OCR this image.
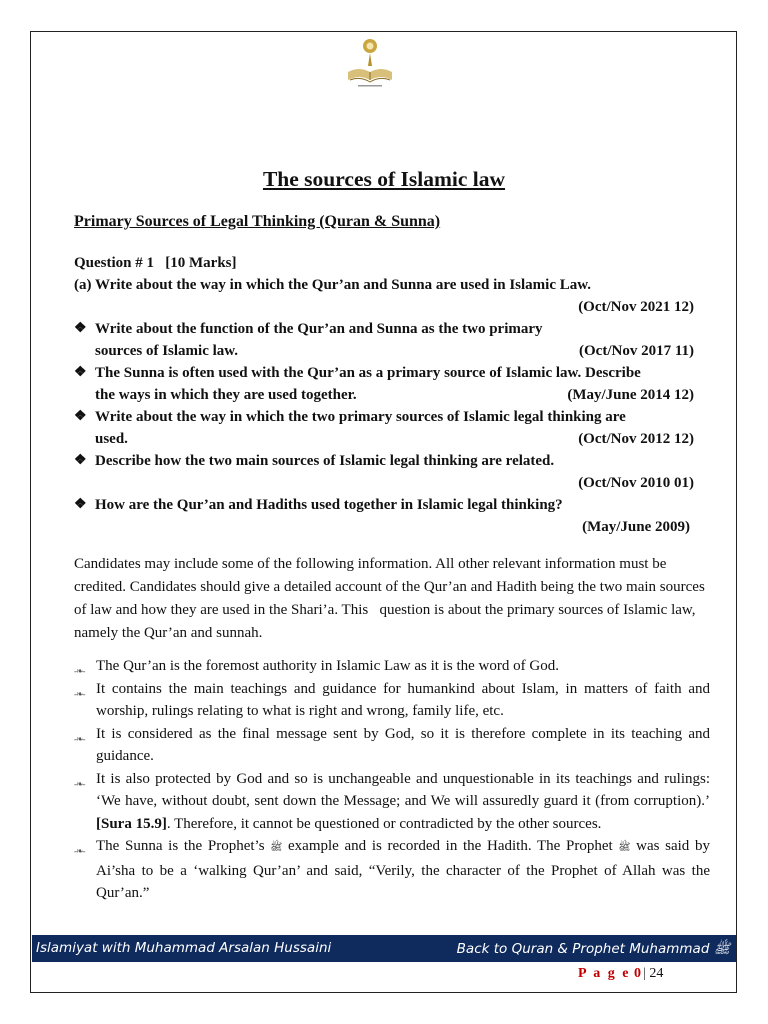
The sources of Islamic law
Primary Sources of Legal Thinking (Quran & Sunna)
Question # 1   [10 Marks]
(a) Write about the way in which the Qur’an and Sunna are used in Islamic Law.
(Oct/Nov 2021 12)
❖ Write about the function of the Qur’an and Sunna as the two primary
sources of Islamic law.	(Oct/Nov 2017 11)
❖ The Sunna is often used with the Qur’an as a primary source of Islamic law. Describe
the ways in which they are used together.	(May/June 2014 12)
❖ Write about the way in which the two primary sources of Islamic legal thinking are
used.	(Oct/Nov 2012 12)
❖ Describe how the two main sources of Islamic legal thinking are related.
(Oct/Nov 2010 01)
❖ How are the Qur’an and Hadiths used together in Islamic legal thinking?
(May/June 2009)
Candidates may include some of the following information. All other relevant information must be credited. Candidates should give a detailed account of the Qur’an and Hadith being the two main sources of law and how they are used in the Shari’a. This   question is about the primary sources of Islamic law, namely the Qur’an and sunnah.
-❧- The Qur’an is the foremost authority in Islamic Law as it is the word of God.
-❧- It contains the main teachings and guidance for humankind about Islam, in matters of faith and worship, rulings relating to what is right and wrong, family life, etc.
-❧- It is considered as the final message sent by God, so it is therefore complete in its teaching and guidance.
-❧- It is also protected by God and so is unchangeable and unquestionable in its teachings and rulings: ‘We have, without doubt, sent down the Message; and We will assuredly guard it (from corruption).’ [Sura 15.9]. Therefore, it cannot be questioned or contradicted by the other sources.
-❧- The Sunna is the Prophet’s ﷺ example and is recorded in the Hadith. The Prophet ﷺ was said by Ai’sha to be a ‘walking Qur’an’ and said, “Verily, the character of the Prophet of Allah was the Qur’an.”
Islamiyat with Muhammad Arsalan Hussaini	Back to Quran & Prophet Muhammad ﷺ
P a g e 0| 24
